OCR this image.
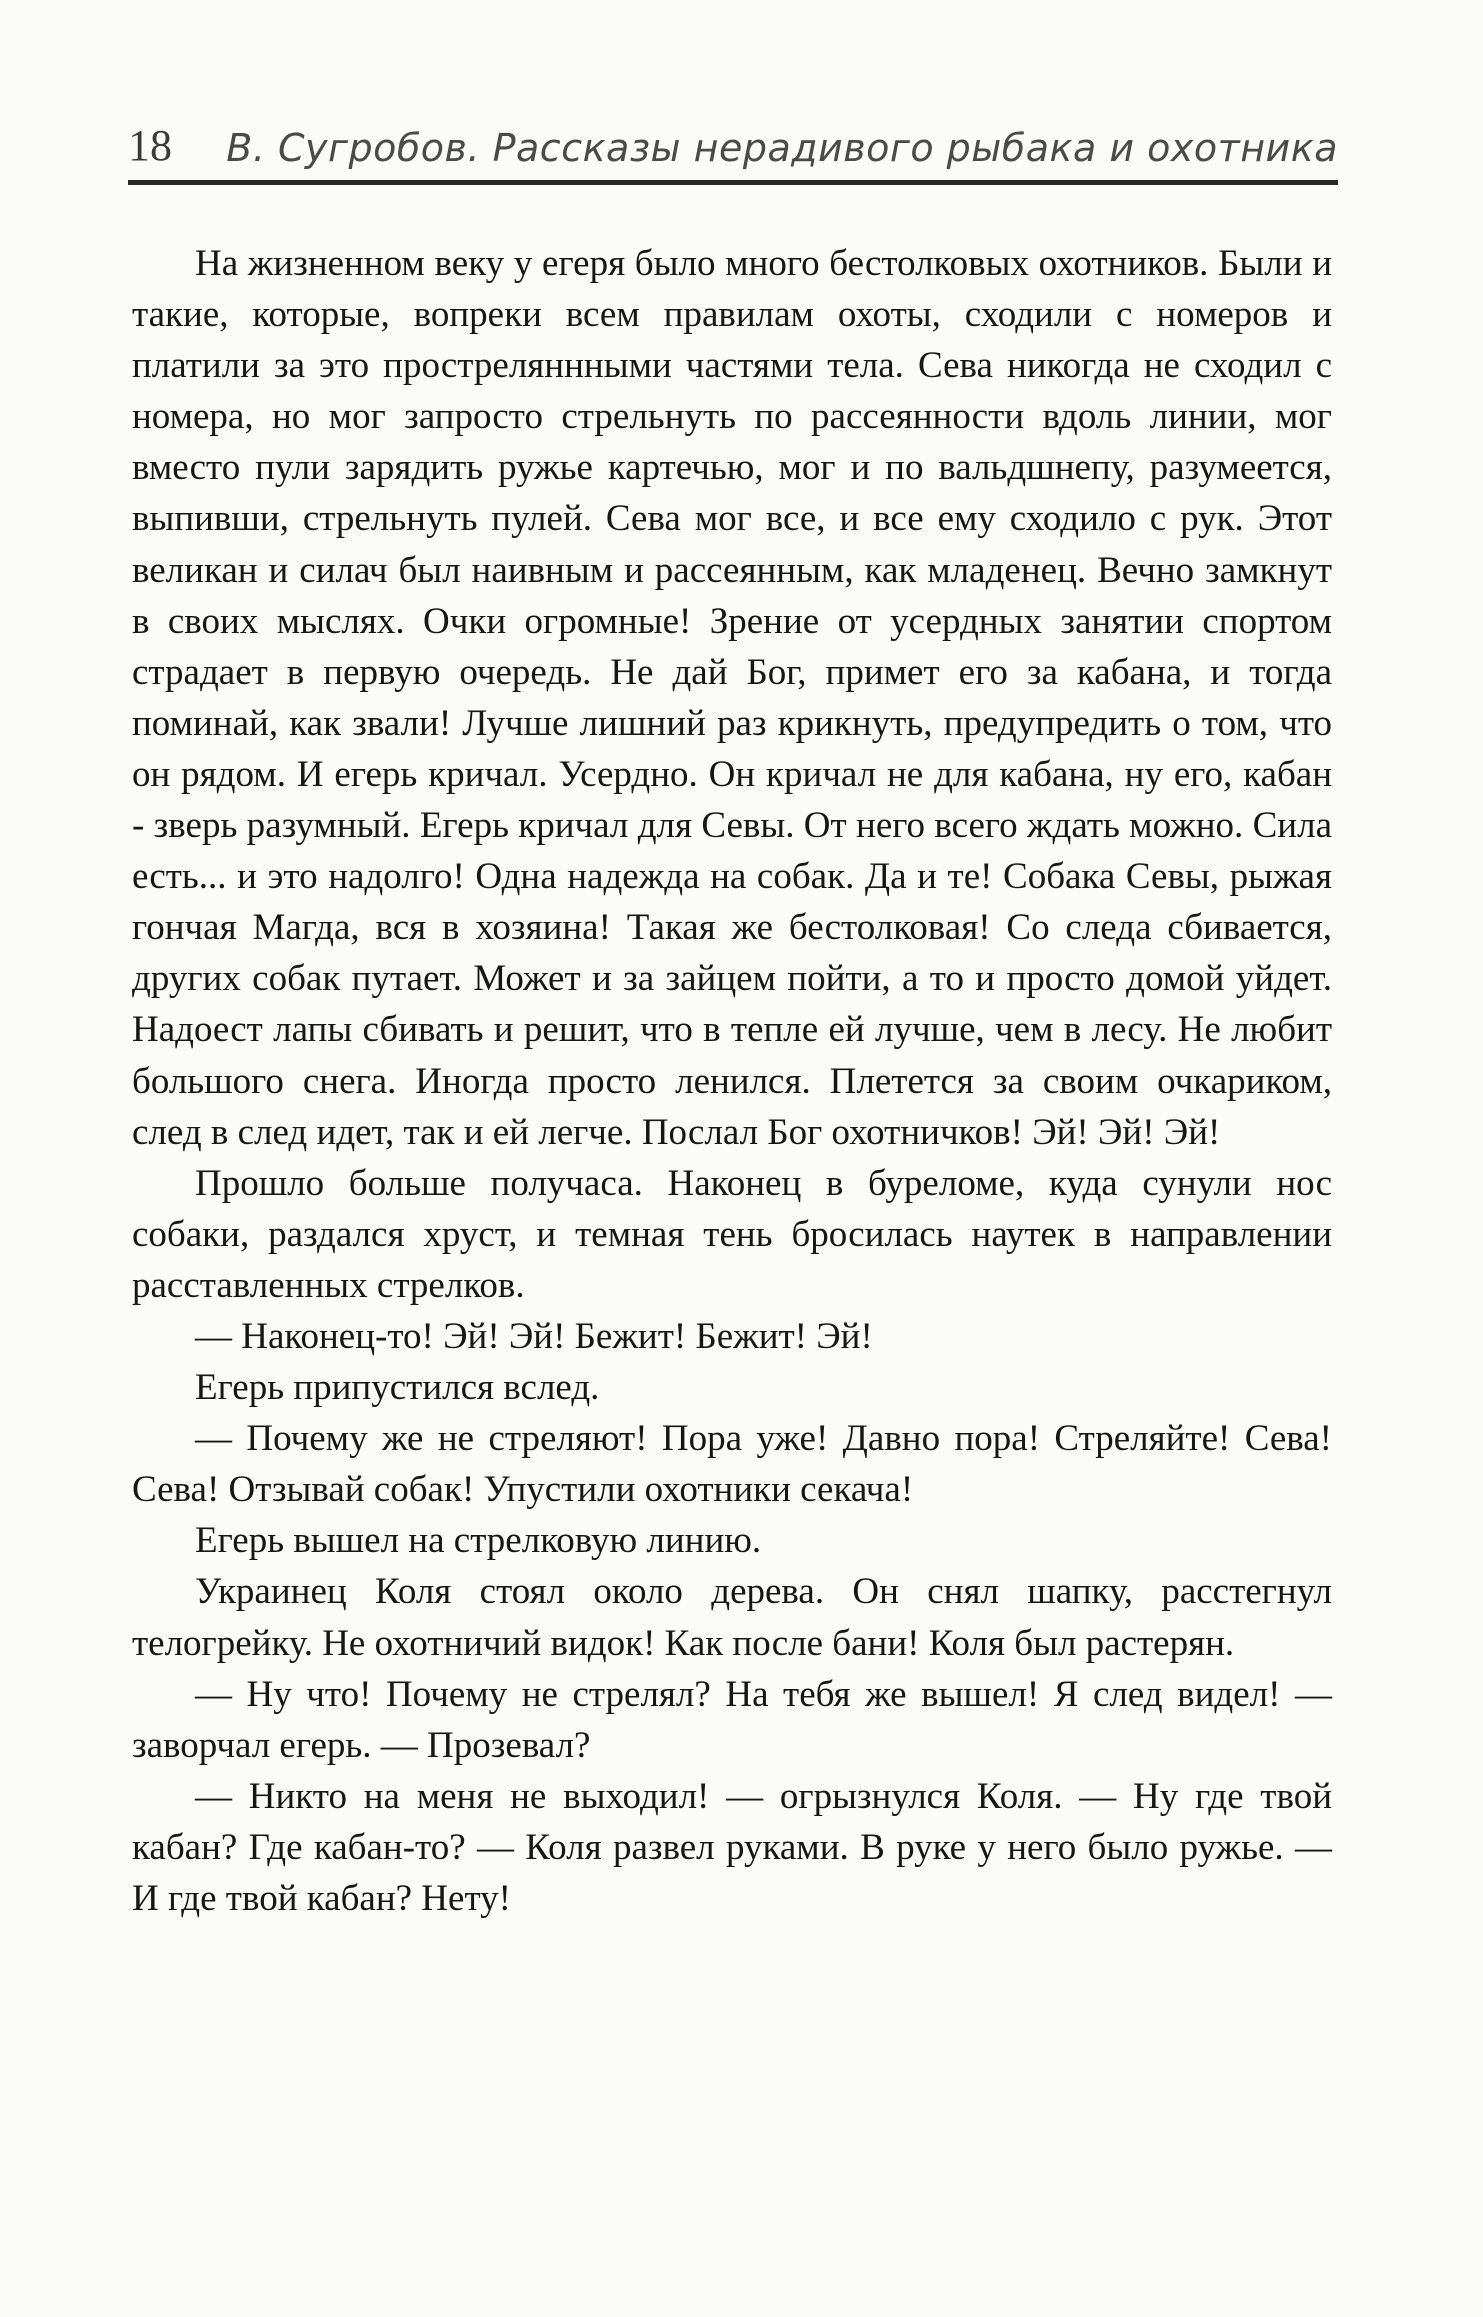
18 В. Сугробов. Рассказы нерадивого рыбака и охотника

На жизненном веку у егеря было много бестолковых охотников. Были и такие, которые, вопреки всем правилам охоты, сходили с номеров и платили за это простреляннными частями тела. Сева никогда не сходил с номера, но мог запросто стрельнуть по рассеянности вдоль линии, мог вместо пули зарядить ружье картечью, мог и по вальдшнепу, разумеется, выпивши, стрельнуть пулей. Сева мог все, и все ему сходило с рук. Этот великан и силач был наивным и рассеянным, как младенец. Вечно замкнут в своих мыслях. Очки огромные! Зрение от усердных занятии спортом страдает в первую очередь. Не дай Бог, примет его за кабана, и тогда поминай, как звали! Лучше лишний раз крикнуть, предупредить о том, что он рядом. И егерь кричал. Усердно. Он кричал не для кабана, ну его, кабан - зверь разумный. Егерь кричал для Севы. От него всего ждать можно. Сила есть... и это надолго! Одна надежда на собак. Да и те! Собака Севы, рыжая гончая Магда, вся в хозяина! Такая же бестолковая! Со следа сбивается, других собак путает. Может и за зайцем пойти, а то и просто домой уйдет. Надоест лапы сбивать и решит, что в тепле ей лучше, чем в лесу. Не любит большого снега. Иногда просто ленился. Плетется за своим очкариком, след в след идет, так и ей легче. Послал Бог охотничков! Эй! Эй! Эй!

Прошло больше получаса. Наконец в буреломе, куда сунули нос собаки, раздался хруст, и темная тень бросилась наутек в направлении расставленных стрелков.

— Наконец-то! Эй! Эй! Бежит! Бежит! Эй!

Егерь припустился вслед.

— Почему же не стреляют! Пора уже! Давно пора! Стреляйте! Сева! Сева! Отзывай собак! Упустили охотники секача!

Егерь вышел на стрелковую линию.

Украинец Коля стоял около дерева. Он снял шапку, расстегнул телогрейку. Не охотничий видок! Как после бани! Коля был растерян.

— Ну что! Почему не стрелял? На тебя же вышел! Я след видел! — заворчал егерь. — Прозевал?

— Никто на меня не выходил! — огрызнулся Коля. — Ну где твой кабан? Где кабан-то? — Коля развел руками. В руке у него было ружье. — И где твой кабан? Нету!
